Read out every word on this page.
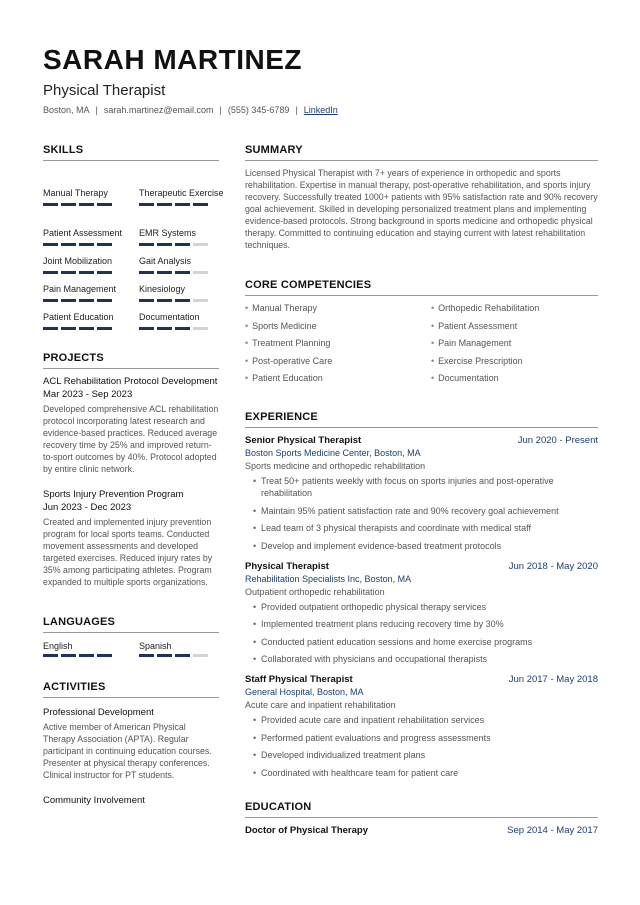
SARAH MARTINEZ
Physical Therapist
Boston, MA | sarah.martinez@email.com | (555) 345-6789 | LinkedIn
SKILLS
Manual Therapy	Therapeutic Exercise
Patient Assessment	EMR Systems
Joint Mobilization	Gait Analysis
Pain Management	Kinesiology
Patient Education	Documentation
PROJECTS
ACL Rehabilitation Protocol Development
Mar 2023 - Sep 2023
Developed comprehensive ACL rehabilitation protocol incorporating latest research and evidence-based practices. Reduced average recovery time by 25% and improved return-to-sport outcomes by 40%. Protocol adopted by entire clinic network.
Sports Injury Prevention Program
Jun 2023 - Dec 2023
Created and implemented injury prevention program for local sports teams. Conducted movement assessments and developed targeted exercises. Reduced injury rates by 35% among participating athletes. Program expanded to multiple sports organizations.
LANGUAGES
English	Spanish
ACTIVITIES
Professional Development
Active member of American Physical Therapy Association (APTA). Regular participant in continuing education courses. Presenter at physical therapy conferences. Clinical instructor for PT students.
Community Involvement
SUMMARY
Licensed Physical Therapist with 7+ years of experience in orthopedic and sports rehabilitation. Expertise in manual therapy, post-operative rehabilitation, and sports injury recovery. Successfully treated 1000+ patients with 95% satisfaction rate and 90% recovery goal achievement. Skilled in developing personalized treatment plans and implementing evidence-based protocols. Strong background in sports medicine and orthopedic physical therapy. Committed to continuing education and staying current with latest rehabilitation techniques.
CORE COMPETENCIES
• Manual Therapy	• Orthopedic Rehabilitation
• Sports Medicine	• Patient Assessment
• Treatment Planning	• Pain Management
• Post-operative Care	• Exercise Prescription
• Patient Education	• Documentation
EXPERIENCE
Senior Physical Therapist	Jun 2020 - Present
Boston Sports Medicine Center, Boston, MA
Sports medicine and orthopedic rehabilitation
• Treat 50+ patients weekly with focus on sports injuries and post-operative rehabilitation
• Maintain 95% patient satisfaction rate and 90% recovery goal achievement
• Lead team of 3 physical therapists and coordinate with medical staff
• Develop and implement evidence-based treatment protocols
Physical Therapist	Jun 2018 - May 2020
Rehabilitation Specialists Inc, Boston, MA
Outpatient orthopedic rehabilitation
• Provided outpatient orthopedic physical therapy services
• Implemented treatment plans reducing recovery time by 30%
• Conducted patient education sessions and home exercise programs
• Collaborated with physicians and occupational therapists
Staff Physical Therapist	Jun 2017 - May 2018
General Hospital, Boston, MA
Acute care and inpatient rehabilitation
• Provided acute care and inpatient rehabilitation services
• Performed patient evaluations and progress assessments
• Developed individualized treatment plans
• Coordinated with healthcare team for patient care
EDUCATION
Doctor of Physical Therapy	Sep 2014 - May 2017
